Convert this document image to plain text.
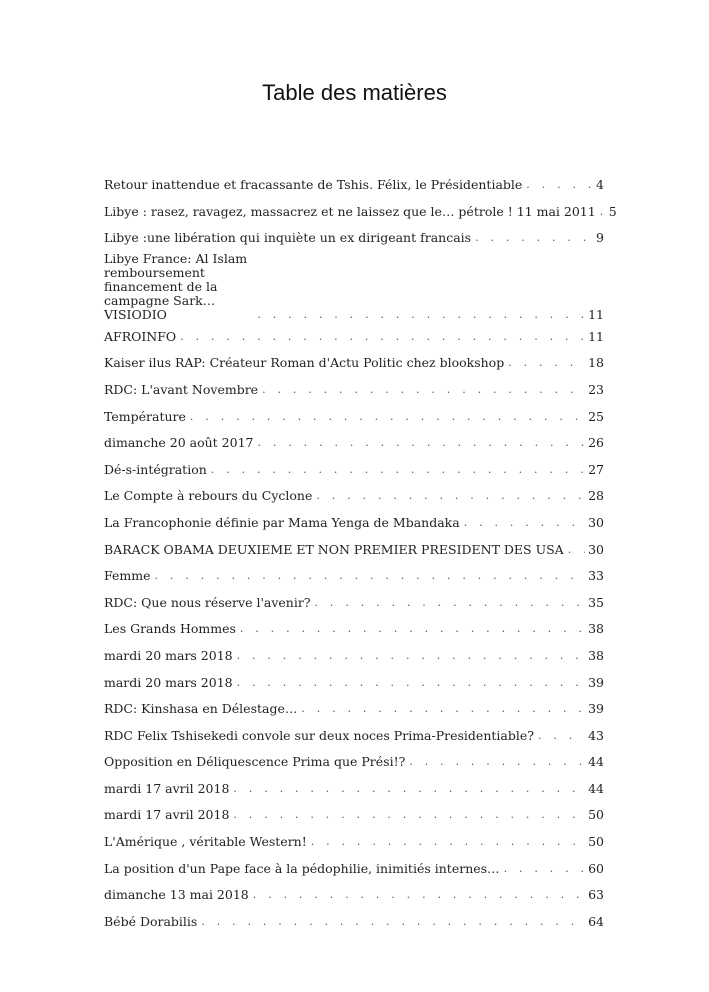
Table des matières
Retour inattendue et fracassante de Tshis. Félix, le Présidentiable . . .	4
Libye : rasez, ravagez, massacrez et ne laissez que le… pétrole ! 11 mai 2011 . . .	5
Libye :une libération qui inquiète un ex dirigeant francais . . .	9
Libye France: Al Islam remboursement financement de la campagne Sark…VISIODIO . . .	11
AFROINFO . . .	11
Kaiser ilus RAP: Créateur Roman d'Actu Politic chez blookshop . . .	18
RDC: L'avant Novembre . . .	23
Température . . .	25
dimanche 20 août 2017 . . .	26
Dé-s-intégration . . .	27
Le Compte à rebours du Cyclone . . .	28
La Francophonie définie par Mama Yenga de Mbandaka . . .	30
BARACK OBAMA DEUXIEME ET NON PREMIER PRESIDENT DES USA . . .	30
Femme . . .	33
RDC: Que nous réserve l'avenir? . . .	35
Les Grands Hommes . . .	38
mardi 20 mars 2018 . . .	38
mardi 20 mars 2018 . . .	39
RDC: Kinshasa en Délestage… . . .	39
RDC Felix Tshisekedi convole sur deux noces Prima-Presidentiable? . . .	43
Opposition en Déliquescence Prima que Prési!? . . .	44
mardi 17 avril 2018 . . .	44
mardi 17 avril 2018 . . .	50
L'Amérique , véritable Western! . . .	50
La position d'un Pape face à la pédophilie, inimitiés internes… . . .	60
dimanche 13 mai 2018 . . .	63
Bébé Dorabilis . . .	64
